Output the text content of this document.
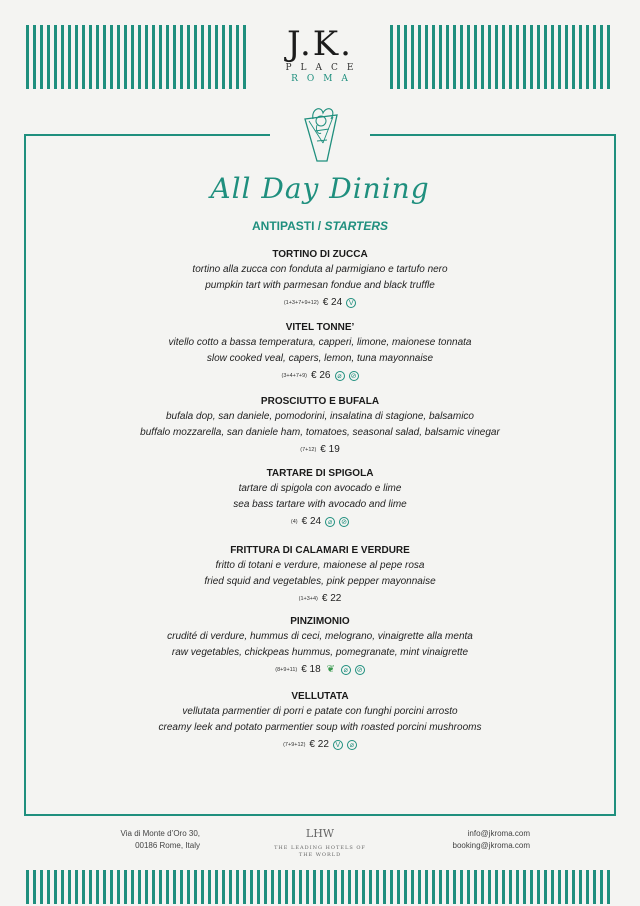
J.K.
PLACE
ROMA
All Day Dining
ANTIPASTI / STARTERS
TORTINO DI ZUCCA
tortino alla zucca con fonduta al parmigiano e tartufo nero
pumpkin tart with parmesan fondue and black truffle
(1+3+7+9+12) € 24 V
VITEL TONNE’
vitello cotto a bassa temperatura, capperi, limone, maionese tonnata
slow cooked veal, capers, lemon, tuna mayonnaise
(3+4+7+9) € 26 ⌀	⊘
PROSCIUTTO E BUFALA
bufala dop, san daniele, pomodorini, insalatina di stagione, balsamico
buffalo mozzarella, san daniele ham, tomatoes, seasonal salad, balsamic vinegar
(7+12) € 19
TARTARE DI SPIGOLA
tartare di spigola con avocado e lime
sea bass tartare with avocado and lime
(4) € 24 ⌀	⊘
FRITTURA DI CALAMARI E VERDURE
fritto di totani e verdure, maionese al pepe rosa
fried squid and vegetables, pink pepper mayonnaise
(1+3+4) € 22
PINZIMONIO
crudité di verdure, hummus di ceci, melograno, vinaigrette alla menta
raw vegetables, chickpeas hummus, pomegranate, mint vinaigrette
(8+9+11) € 18 ❦	⌀	⊘
VELLUTATA
vellutata parmentier di porri e patate con funghi porcini arrosto
creamy leek and potato parmentier soup with roasted porcini mushrooms
(7+9+12) € 22 V	⌀
Via di Monte d’Oro 30,
00186 Rome, Italy
LHW
THE LEADING HOTELS OF THE WORLD
info@jkroma.com
booking@jkroma.com
